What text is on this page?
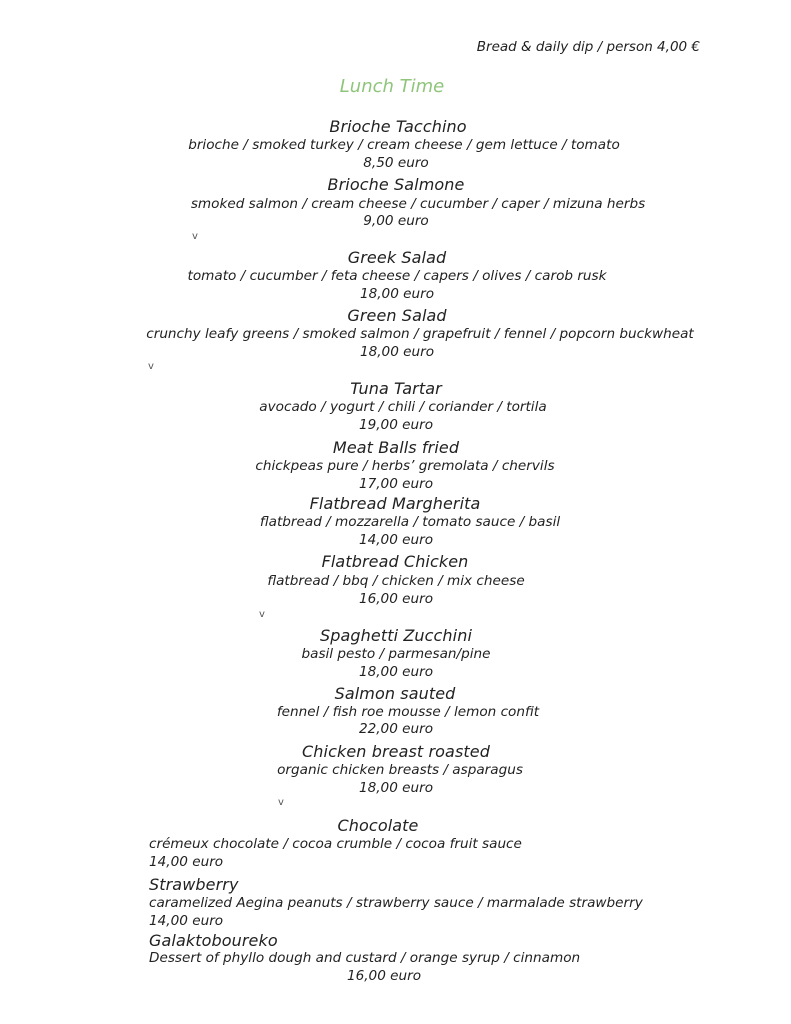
Bread & daily dip / person 4,00 €
Lunch Time
Brioche Tacchino
brioche / smoked turkey / cream cheese / gem lettuce / tomato
8,50 euro
Brioche Salmone
smoked salmon / cream cheese / cucumber / caper / mizuna herbs
9,00 euro
v
Greek Salad
tomato / cucumber / feta cheese / capers / olives / carob rusk
18,00 euro
Green Salad
crunchy leafy greens / smoked salmon / grapefruit / fennel / popcorn buckwheat
18,00 euro
v
Tuna Tartar
avocado / yogurt / chili / coriander / tortila
19,00 euro
Meat Balls fried
chickpeas pure / herbs’ gremolata / chervils
17,00 euro
Flatbread Margherita
flatbread / mozzarella / tomato sauce / basil
14,00 euro
Flatbread Chicken
flatbread / bbq / chicken / mix cheese
16,00 euro
v
Spaghetti Zucchini
basil pesto / parmesan/pine
18,00 euro
Salmon sauted
fennel / fish roe mousse / lemon confit
22,00 euro
Chicken breast roasted
organic chicken breasts / asparagus
18,00 euro
v
Chocolate
crémeux chocolate / cocoa crumble / cocoa fruit sauce
14,00 euro
Strawberry
caramelized Aegina peanuts / strawberry sauce / marmalade strawberry
14,00 euro
Galaktoboureko
Dessert of phyllo dough and custard / orange syrup / cinnamon
16,00 euro
